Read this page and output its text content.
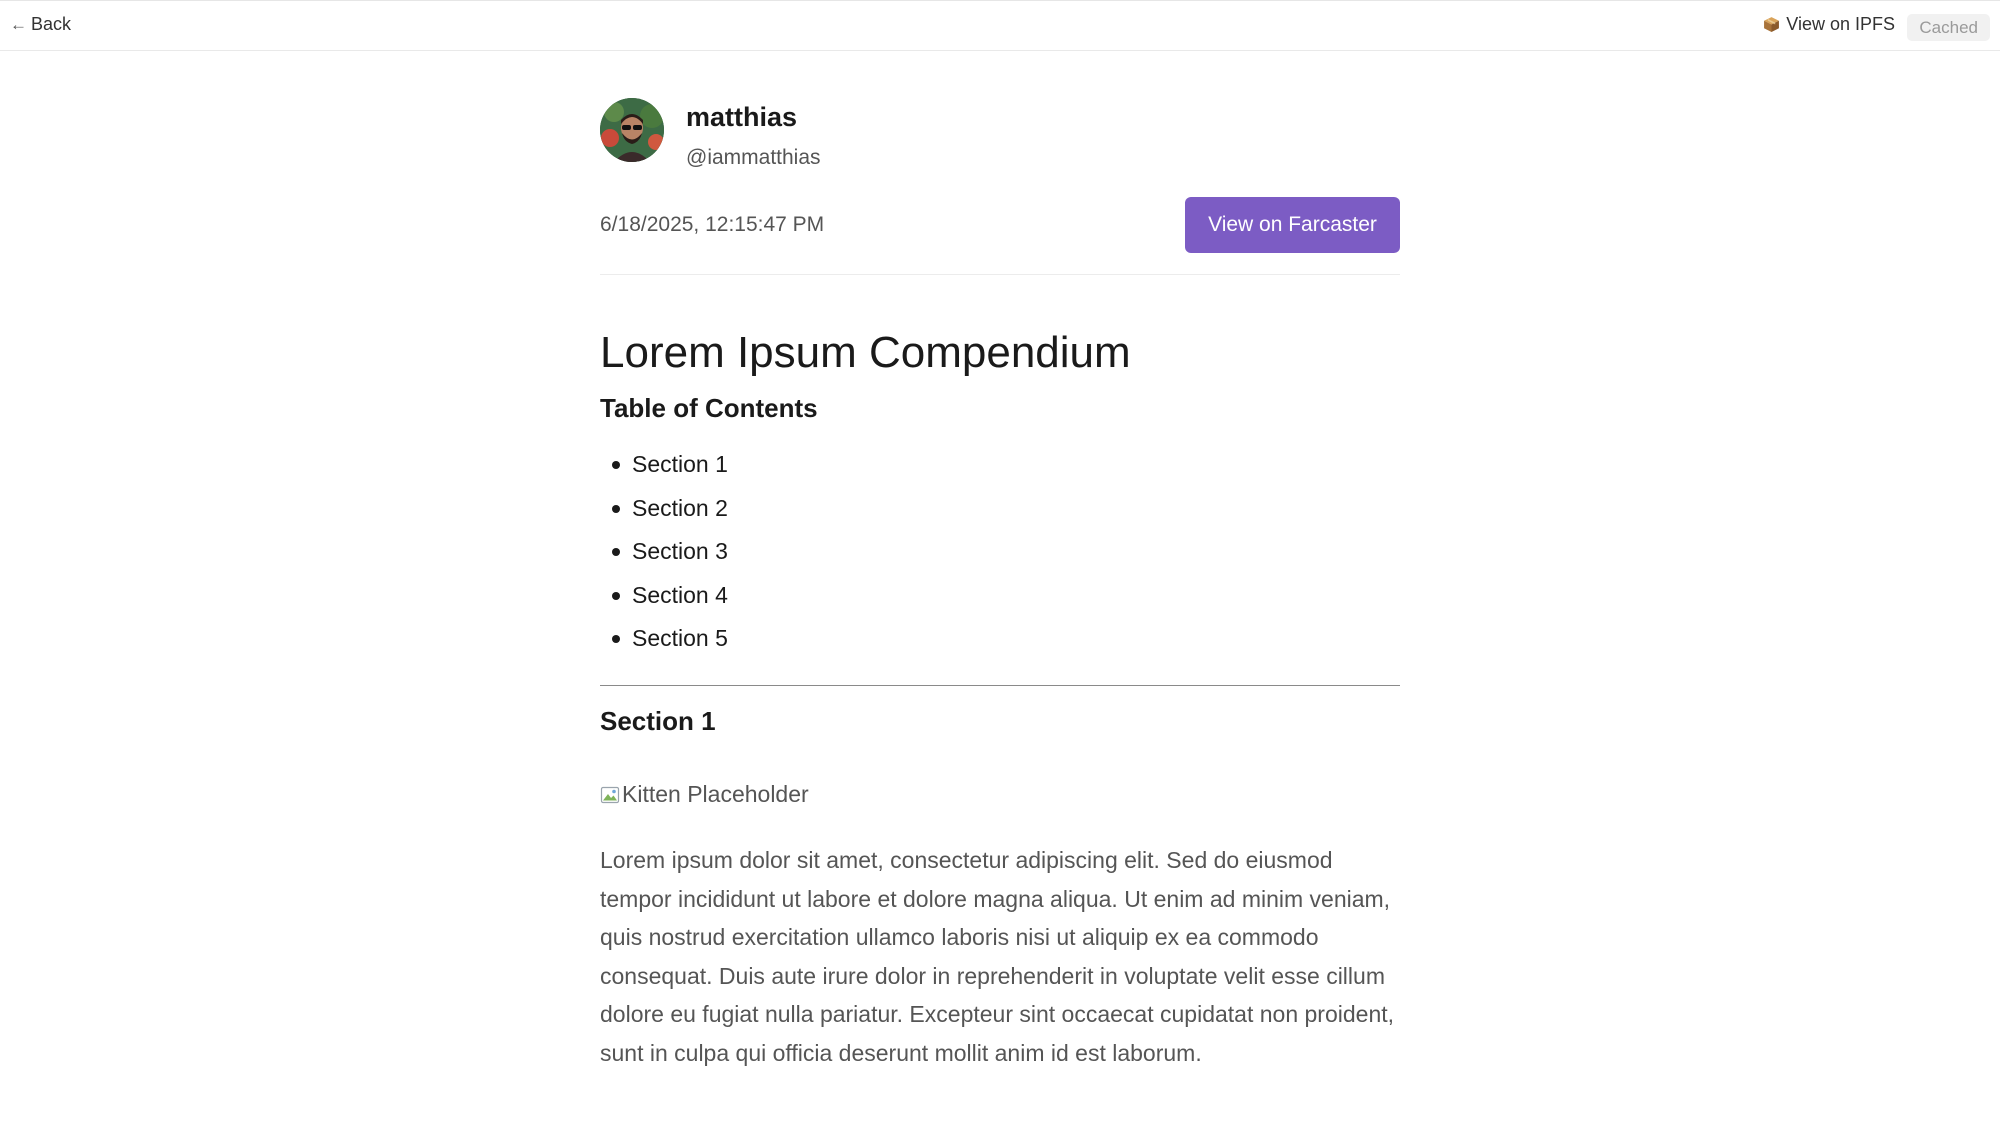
← Back	View on IPFS	Cached
matthias
@iammatthias
6/18/2025, 12:15:47 PM	View on Farcaster
Lorem Ipsum Compendium
Table of Contents
Section 1
Section 2
Section 3
Section 4
Section 5
Section 1
Kitten Placeholder

Lorem ipsum dolor sit amet, consectetur adipiscing elit. Sed do eiusmod tempor incididunt ut labore et dolore magna aliqua. Ut enim ad minim veniam, quis nostrud exercitation ullamco laboris nisi ut aliquip ex ea commodo consequat. Duis aute irure dolor in reprehenderit in voluptate velit esse cillum dolore eu fugiat nulla pariatur. Excepteur sint occaecat cupidatat non proident, sunt in culpa qui officia deserunt mollit anim id est laborum.
